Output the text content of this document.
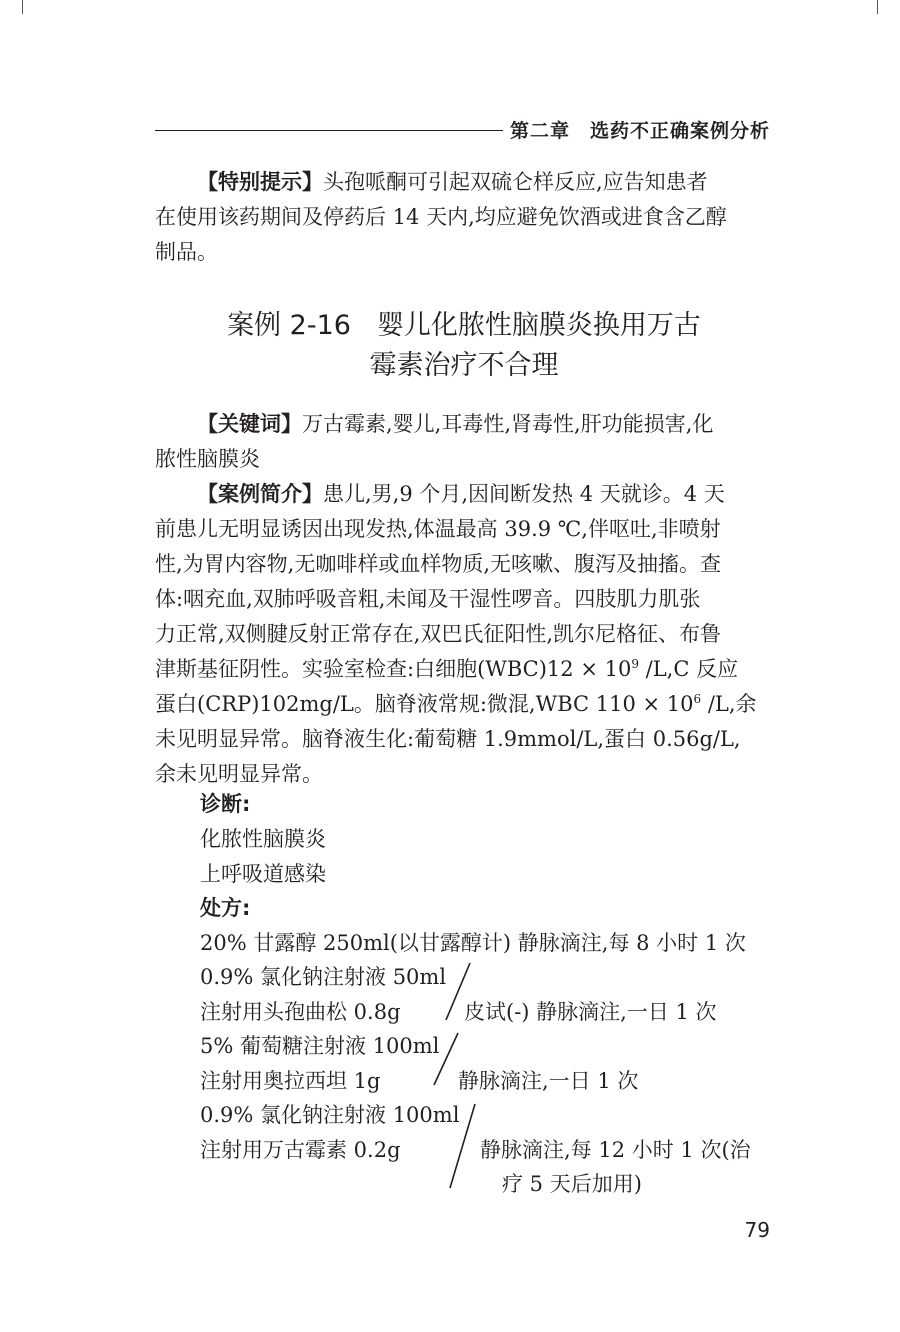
第二章 选药不正确案例分析
【特别提示】头孢哌酮可引起双硫仑样反应,应告知患者
在使用该药期间及停药后 14 天内,均应避免饮酒或进食含乙醇
制品。
案例 2-16 婴儿化脓性脑膜炎换用万古
霉素治疗不合理
【关键词】万古霉素,婴儿,耳毒性,肾毒性,肝功能损害,化
脓性脑膜炎
【案例简介】患儿,男,9 个月,因间断发热 4 天就诊。4 天
前患儿无明显诱因出现发热,体温最高 39.9 ℃,伴呕吐,非喷射
性,为胃内容物,无咖啡样或血样物质,无咳嗽、腹泻及抽搐。查
体:咽充血,双肺呼吸音粗,未闻及干湿性啰音。四肢肌力肌张
力正常,双侧腱反射正常存在,双巴氏征阳性,凯尔尼格征、布鲁
津斯基征阴性。实验室检查:白细胞$(WBC)12 \times 10^9$ /L,C 反应
蛋白(CRP)102mg/L。脑脊液常规:微混,WBC $110 \times 10^6$ /L,余
未见明显异常。脑脊液生化:葡萄糖 1.9mmol/L,蛋白 0.56g/L,
余未见明显异常。
诊断:
化脓性脑膜炎
上呼吸道感染
处方:
20% 甘露醇 250ml(以甘露醇计) 静脉滴注,每 8 小时 1 次
0.9% 氯化钠注射液 50ml
注射用头孢曲松 0.8g	皮试(-) 静脉滴注,一日 1 次
5% 葡萄糖注射液 100ml
注射用奥拉西坦 1g	静脉滴注,一日 1 次
0.9% 氯化钠注射液 100ml
注射用万古霉素 0.2g	静脉滴注,每 12 小时 1 次(治
疗 5 天后加用)
79
